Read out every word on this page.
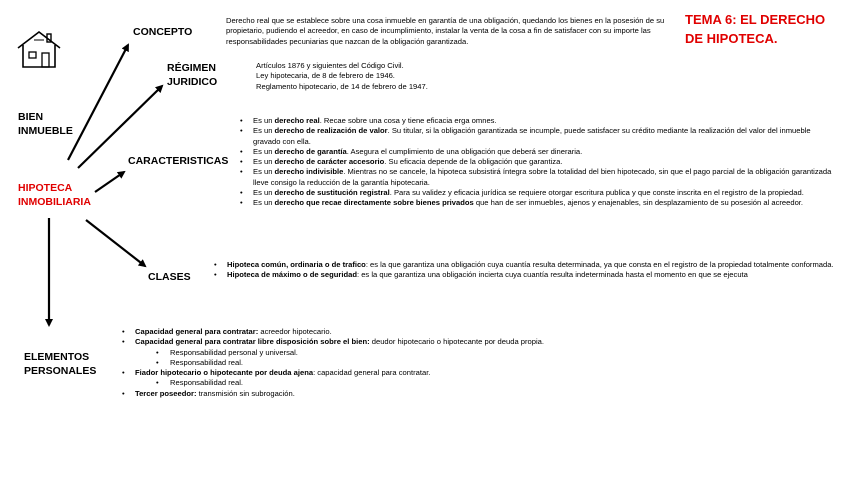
TEMA 6: EL DERECHO
DE HIPOTECA.
BIEN
INMUEBLE
HIPOTECA
INMOBILIARIA
ELEMENTOS
PERSONALES
CONCEPTO
Derecho real que se establece sobre una cosa inmueble en garantía de una obligación, quedando los bienes en la posesión de su propietario, pudiendo el acreedor, en caso de incumplimiento, instalar la venta de la cosa a fin de satisfacer con su importe las responsabilidades pecuniarias que nazcan de la obligación garantizada.
RÉGIMEN
JURIDICO
Artículos 1876 y siguientes del Código Civil.
Ley hipotecaria, de 8 de febrero de 1946.
Reglamento hipotecario, de 14 de febrero de 1947.
CARACTERISTICAS
• Es un derecho real. Recae sobre una cosa y tiene eficacia erga omnes.
• Es un derecho de realización de valor. Su titular, si la obligación garantizada se incumple, puede satisfacer su crédito mediante la realización del valor del inmueble gravado con ella.
• Es un derecho de garantía. Asegura el cumplimiento de una obligación que deberá ser dineraria.
• Es un derecho de carácter accesorio. Su eficacia depende de la obligación que garantiza.
• Es un derecho indivisible. Mientras no se cancele, la hipoteca subsistirá íntegra sobre la totalidad del bien hipotecado, sin que el pago parcial de la obligación garantizada lleve consigo la reducción de la garantía hipotecaria.
• Es un derecho de sustitución registral. Para su validez y eficacia jurídica se requiere otorgar escritura publica y que conste inscrita en el registro de la propiedad.
• Es un derecho que recae directamente sobre bienes privados que han de ser inmuebles, ajenos y enajenables, sin desplazamiento de su posesión al acreedor.
CLASES
• Hipoteca común, ordinaria o de trafico: es la que garantiza una obligación cuya cuantía resulta determinada, ya que consta en el registro de la propiedad totalmente conformada.
• Hipoteca de máximo o de seguridad: es la que garantiza una obligación incierta cuya cuantía resulta indeterminada hasta el momento en que se ejecuta
• Capacidad general para contratar: acreedor hipotecario.
• Capacidad general para contratar libre disposición sobre el bien: deudor hipotecario o hipotecante por deuda propia.
• Responsabilidad personal y universal.
• Responsabilidad real.
• Fiador hipotecario o hipotecante por deuda ajena: capacidad general para contratar.
• Responsabilidad real.
• Tercer poseedor: transmisión sin subrogación.
